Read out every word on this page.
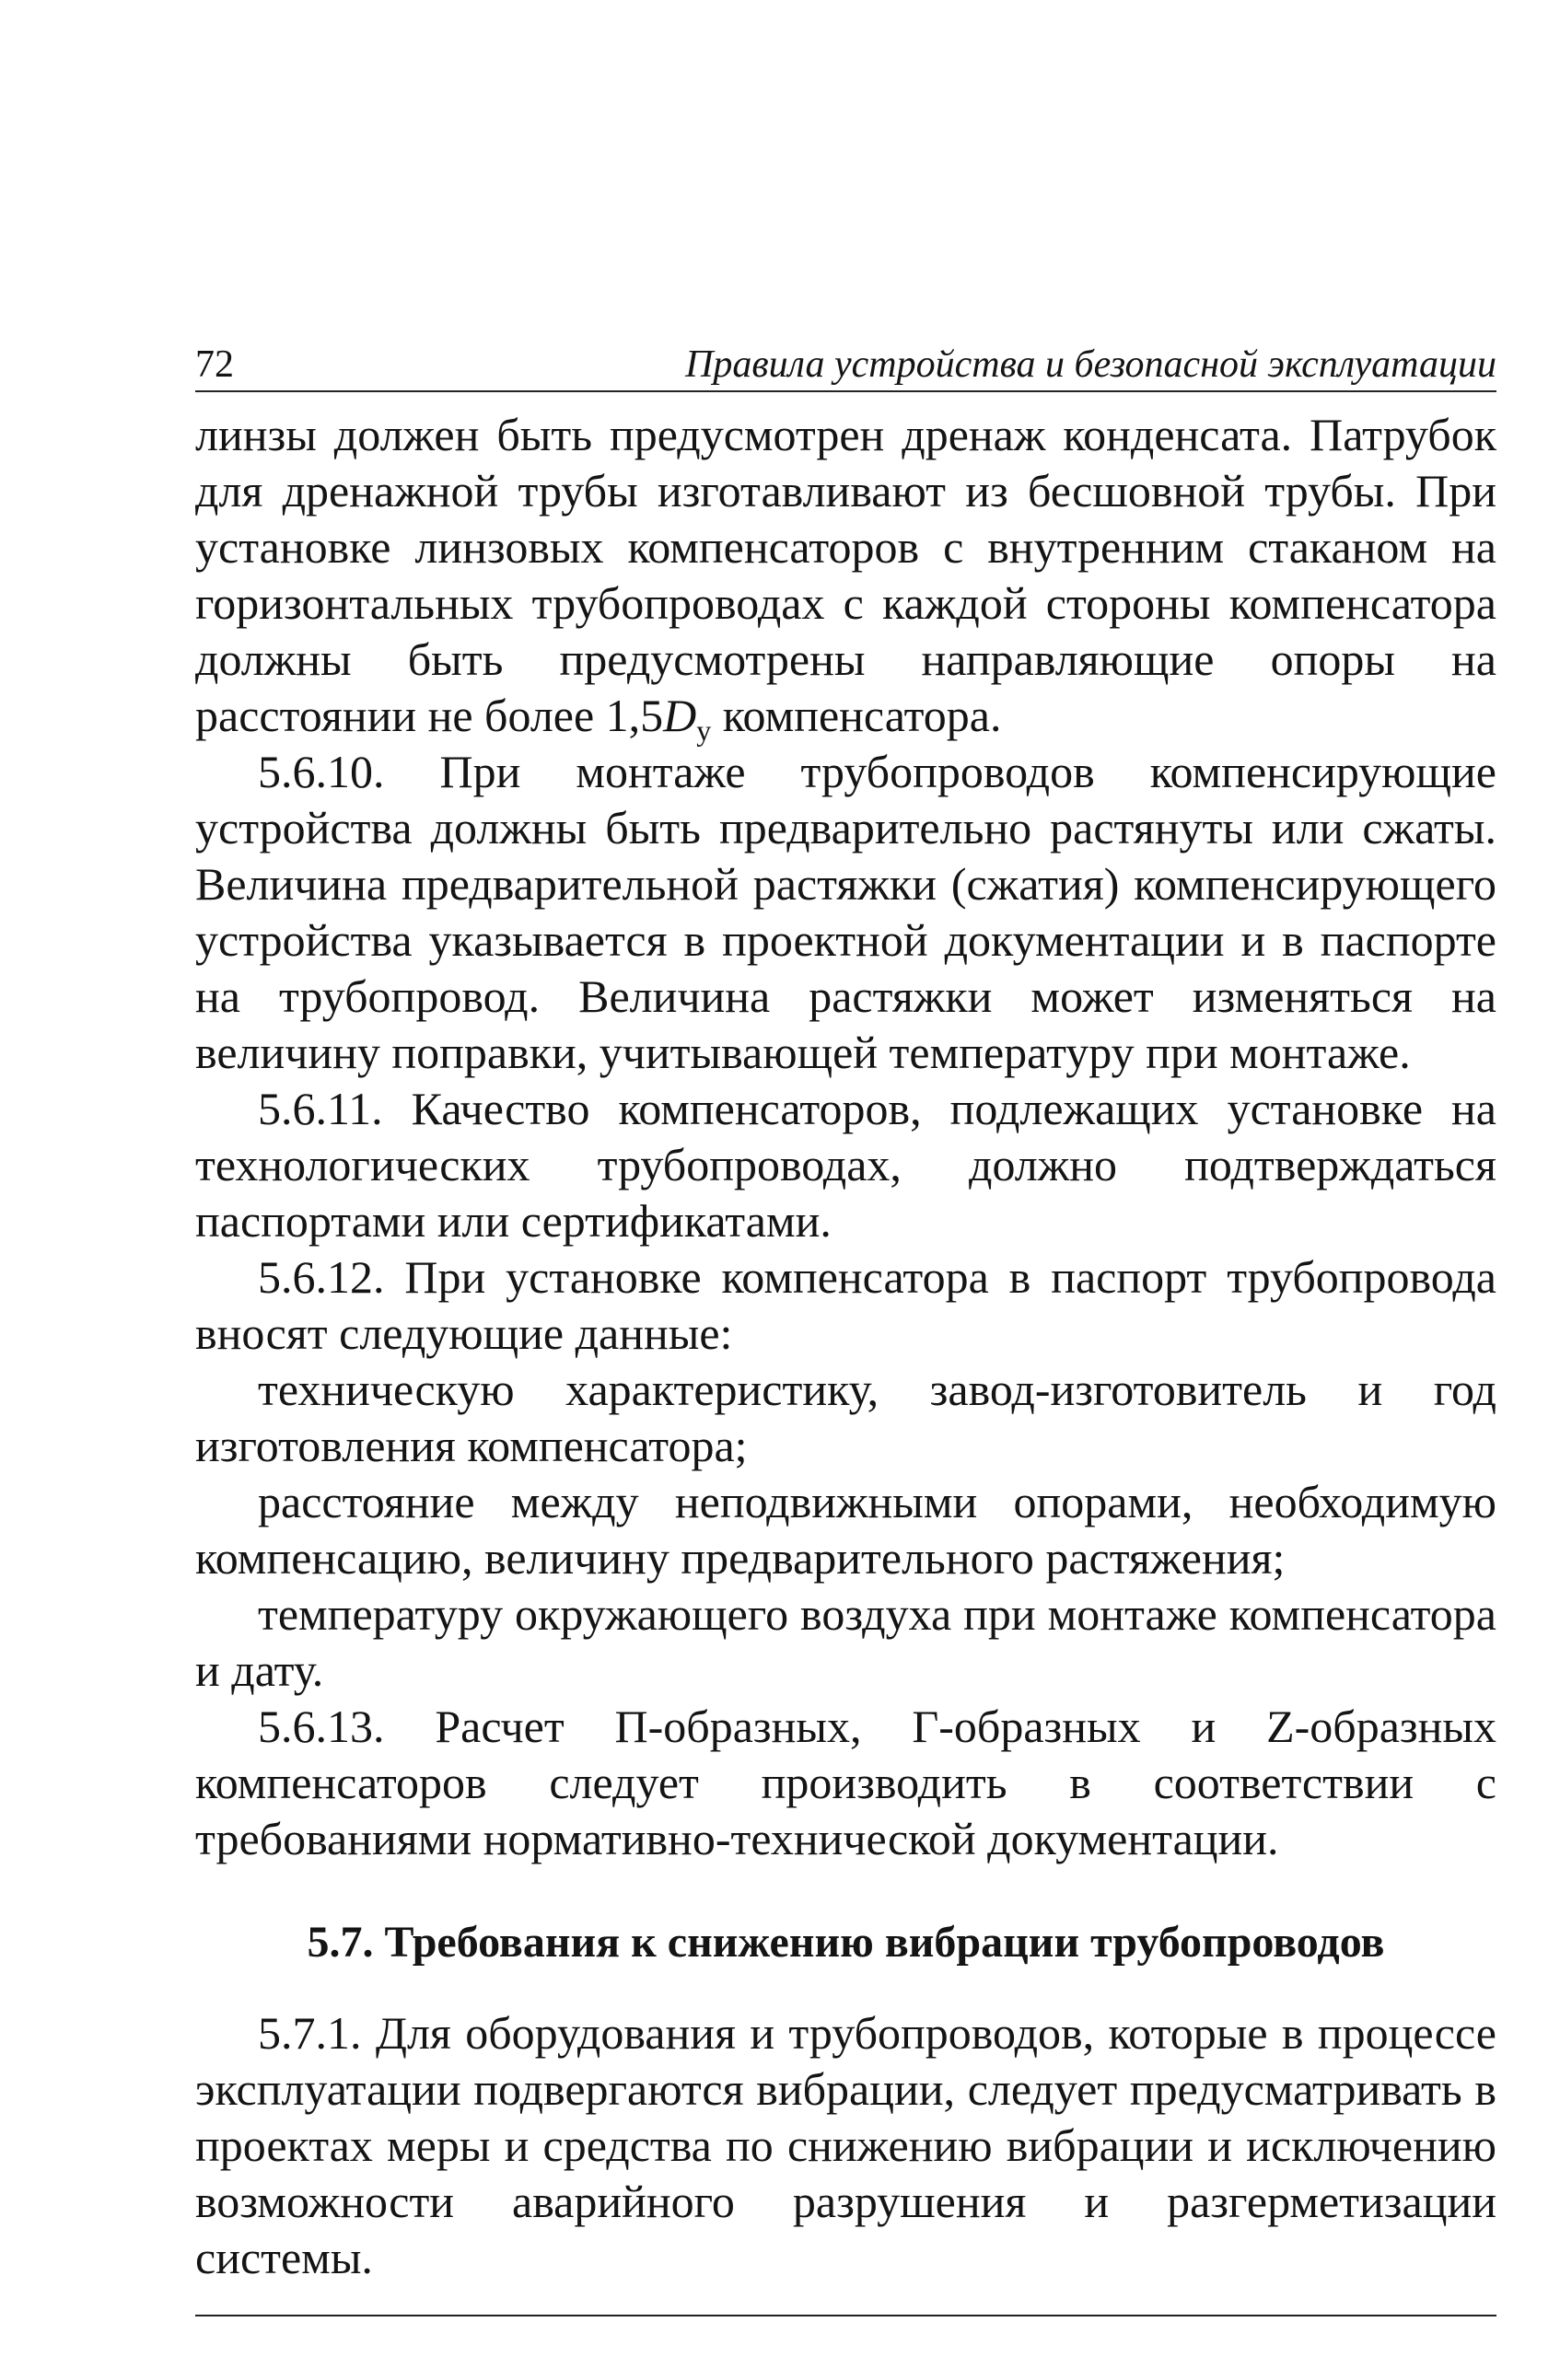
72	Правила устройства и безопасной эксплуатации

линзы должен быть предусмотрен дренаж конденсата. Патрубок для дренажной трубы изготавливают из бесшовной трубы. При установке линзовых компенсаторов с внутренним стаканом на горизонтальных трубопроводах с каждой стороны компенсатора должны быть предусмотрены направляющие опоры на расстоянии не более $1,5D_у$ компенсатора.

5.6.10. При монтаже трубопроводов компенсирующие устройства должны быть предварительно растянуты или сжаты. Величина предварительной растяжки (сжатия) компенсирующего устройства указывается в проектной документации и в паспорте на трубопровод. Величина растяжки может изменяться на величину поправки, учитывающей температуру при монтаже.

5.6.11. Качество компенсаторов, подлежащих установке на технологических трубопроводах, должно подтверждаться паспортами или сертификатами.

5.6.12. При установке компенсатора в паспорт трубопровода вносят следующие данные:

техническую характеристику, завод-изготовитель и год изготовления компенсатора;

расстояние между неподвижными опорами, необходимую компенсацию, величину предварительного растяжения;

температуру окружающего воздуха при монтаже компенсатора и дату.

5.6.13. Расчет П-образных, Г-образных и Z-образных компенсаторов следует производить в соответствии с требованиями нормативно-технической документации.

5.7. Требования к снижению вибрации трубопроводов

5.7.1. Для оборудования и трубопроводов, которые в процессе эксплуатации подвергаются вибрации, следует предусматривать в проектах меры и средства по снижению вибрации и исключению возможности аварийного разрушения и разгерметизации системы.
